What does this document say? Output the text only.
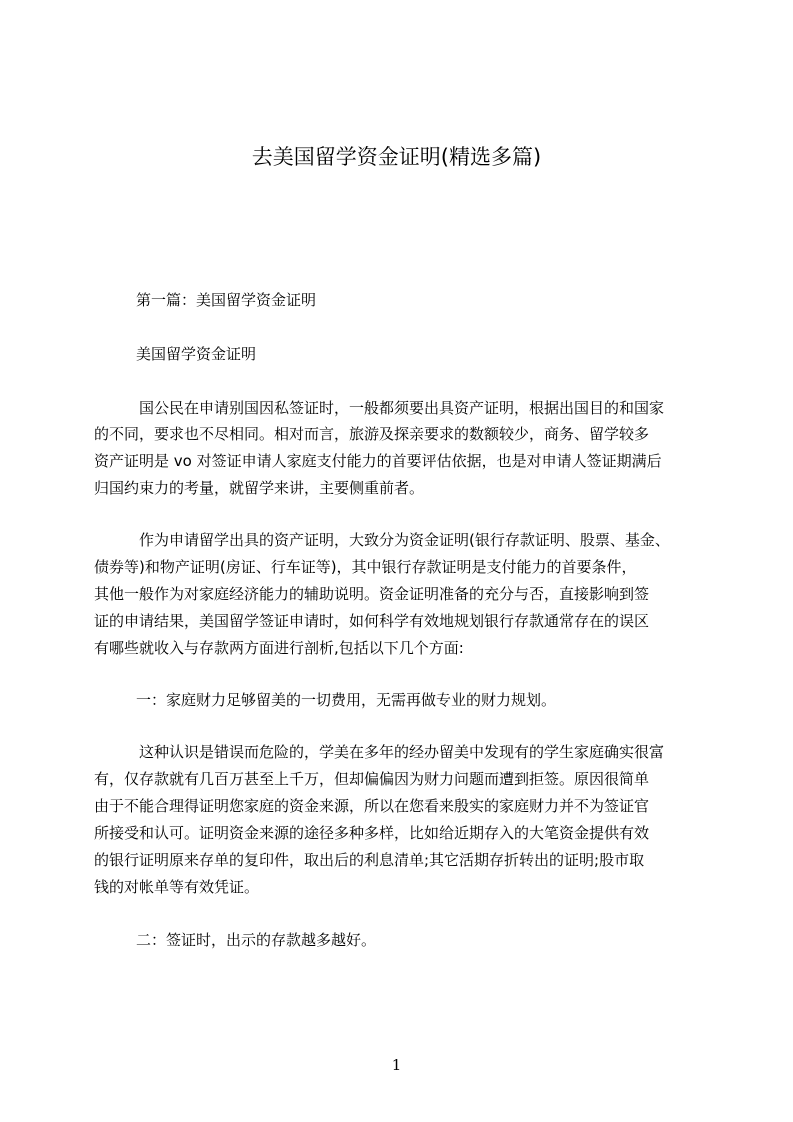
去美国留学资金证明(精选多篇)
第一篇：美国留学资金证明
美国留学资金证明
国公民在申请别国因私签证时，一般都须要出具资产证明，根据出国目的和国家
的不同，要求也不尽相同。相对而言，旅游及探亲要求的数额较少，商务、留学较多
资产证明是 vo 对签证申请人家庭支付能力的首要评估依据，也是对申请人签证期满后
归国约束力的考量，就留学来讲，主要侧重前者。
作为申请留学出具的资产证明，大致分为资金证明(银行存款证明、股票、基金、
债券等)和物产证明(房证、行车证等)，其中银行存款证明是支付能力的首要条件，
其他一般作为对家庭经济能力的辅助说明。资金证明准备的充分与否，直接影响到签
证的申请结果，美国留学签证申请时，如何科学有效地规划银行存款通常存在的误区
有哪些就收入与存款两方面进行剖析,包括以下几个方面:
一：家庭财力足够留美的一切费用，无需再做专业的财力规划。
这种认识是错误而危险的，学美在多年的经办留美中发现有的学生家庭确实很富
有，仅存款就有几百万甚至上千万，但却偏偏因为财力问题而遭到拒签。原因很简单
由于不能合理得证明您家庭的资金来源，所以在您看来殷实的家庭财力并不为签证官
所接受和认可。证明资金来源的途径多种多样，比如给近期存入的大笔资金提供有效
的银行证明原来存单的复印件，取出后的利息清单;其它活期存折转出的证明;股市取
钱的对帐单等有效凭证。
二：签证时，出示的存款越多越好。
1
